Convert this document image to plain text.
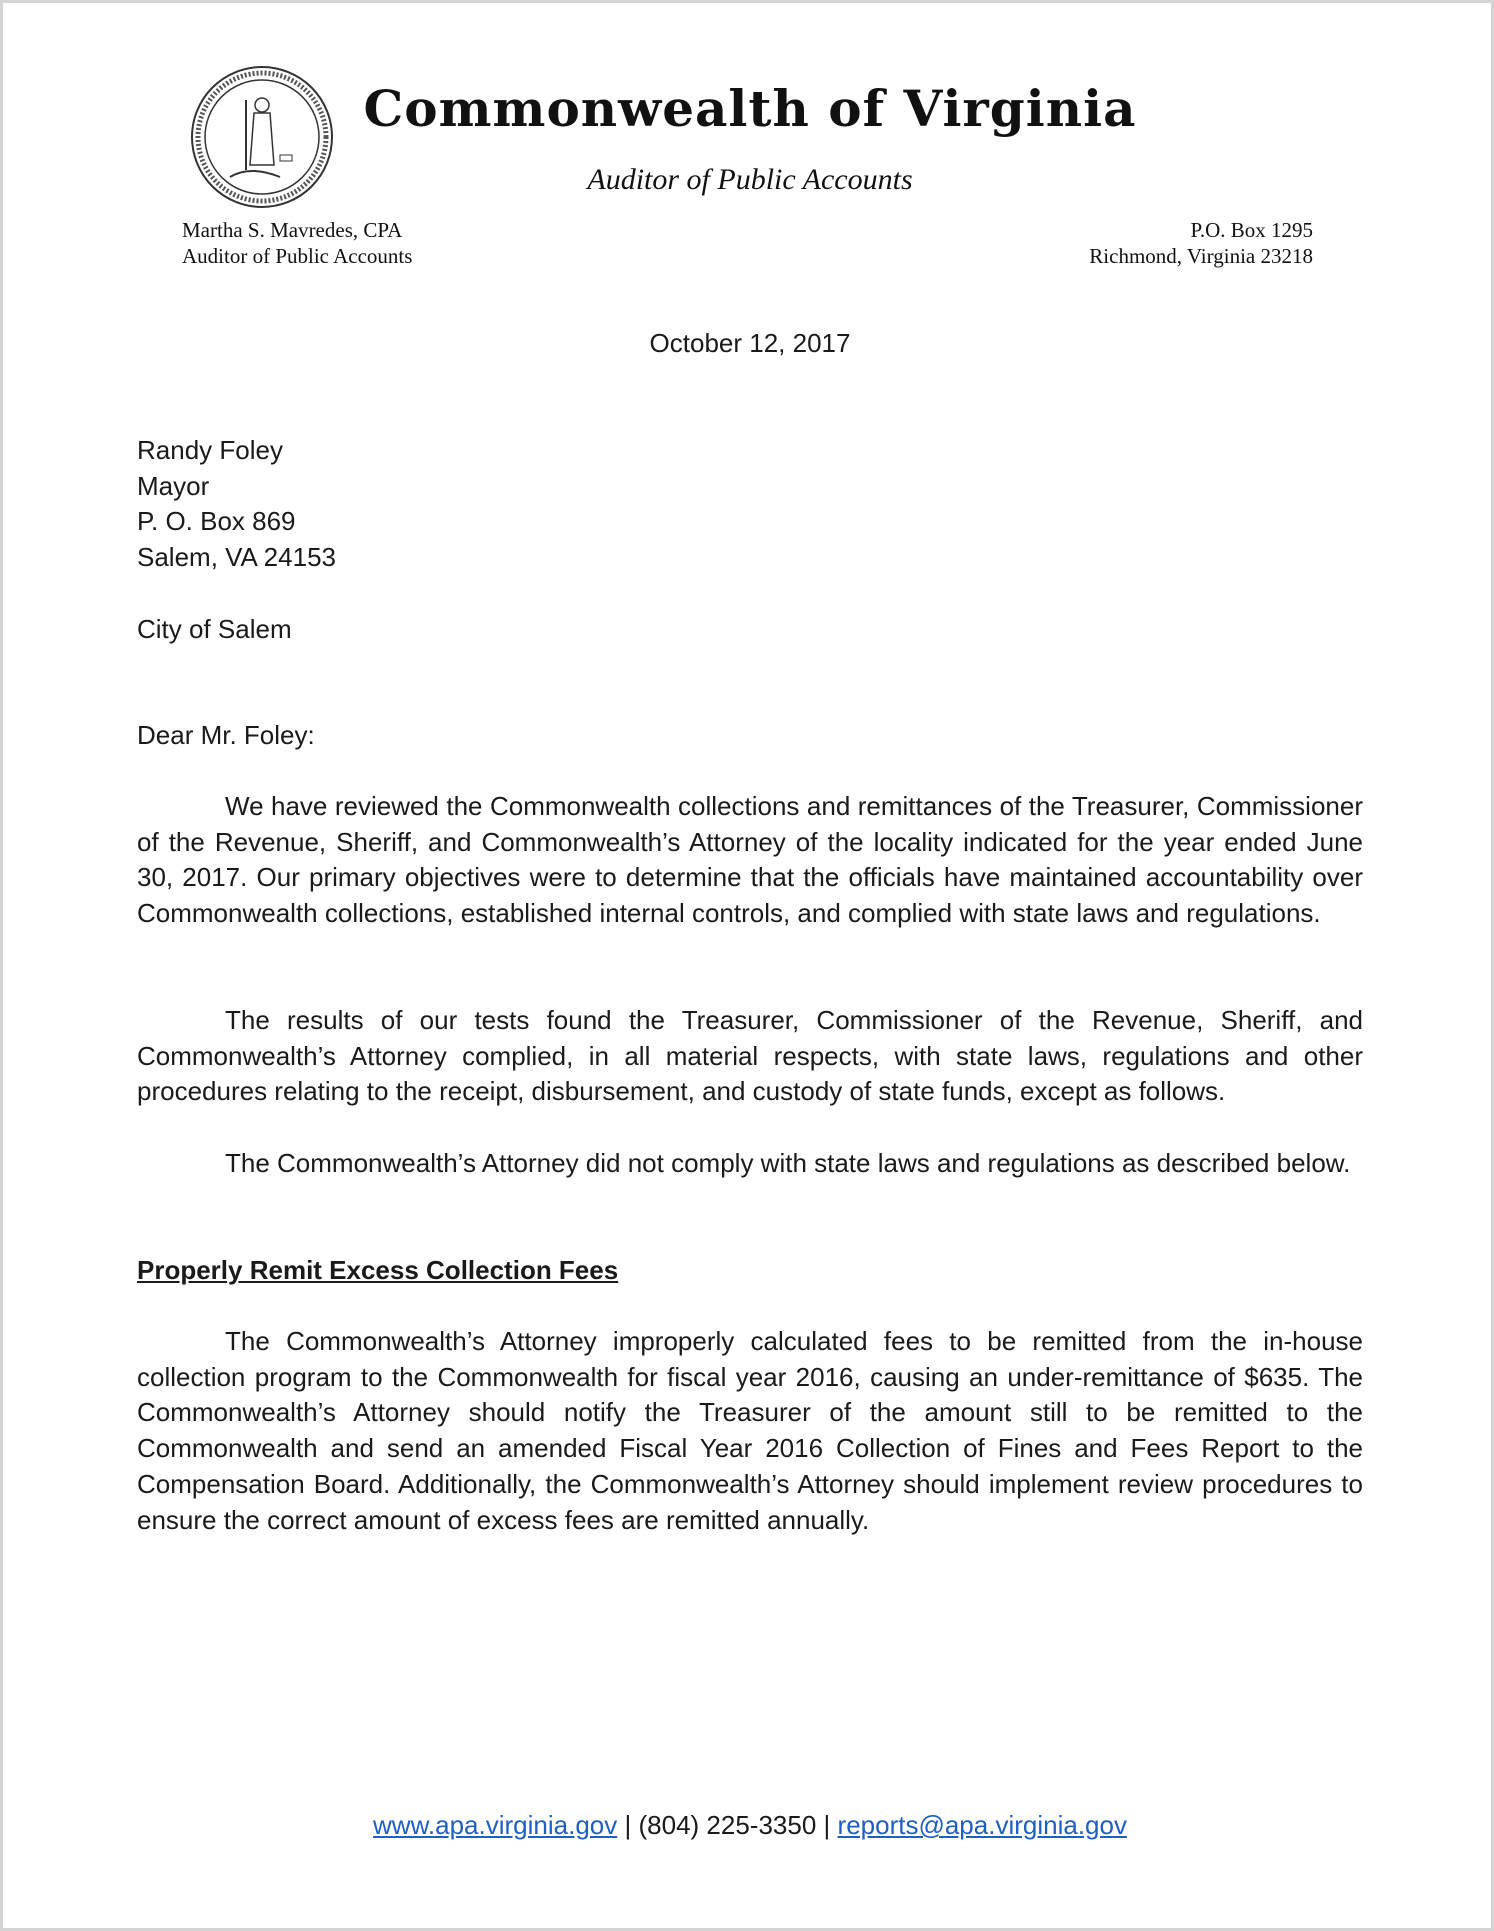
Commonwealth of Virginia
Auditor of Public Accounts
Martha S. Mavredes, CPA
Auditor of Public Accounts
P.O. Box 1295
Richmond, Virginia 23218
October 12, 2017
Randy Foley
Mayor
P. O. Box 869
Salem, VA 24153
City of Salem
Dear Mr. Foley:

We have reviewed the Commonwealth collections and remittances of the Treasurer, Commissioner of the Revenue, Sheriff, and Commonwealth’s Attorney of the locality indicated for the year ended June 30, 2017. Our primary objectives were to determine that the officials have maintained accountability over Commonwealth collections, established internal controls, and complied with state laws and regulations.

The results of our tests found the Treasurer, Commissioner of the Revenue, Sheriff, and Commonwealth’s Attorney complied, in all material respects, with state laws, regulations and other procedures relating to the receipt, disbursement, and custody of state funds, except as follows.

The Commonwealth’s Attorney did not comply with state laws and regulations as described below.

Properly Remit Excess Collection Fees

The Commonwealth’s Attorney improperly calculated fees to be remitted from the in-house collection program to the Commonwealth for fiscal year 2016, causing an under-remittance of $635. The Commonwealth’s Attorney should notify the Treasurer of the amount still to be remitted to the Commonwealth and send an amended Fiscal Year 2016 Collection of Fines and Fees Report to the Compensation Board. Additionally, the Commonwealth’s Attorney should implement review procedures to ensure the correct amount of excess fees are remitted annually.

www.apa.virginia.gov | (804) 225-3350 | reports@apa.virginia.gov
